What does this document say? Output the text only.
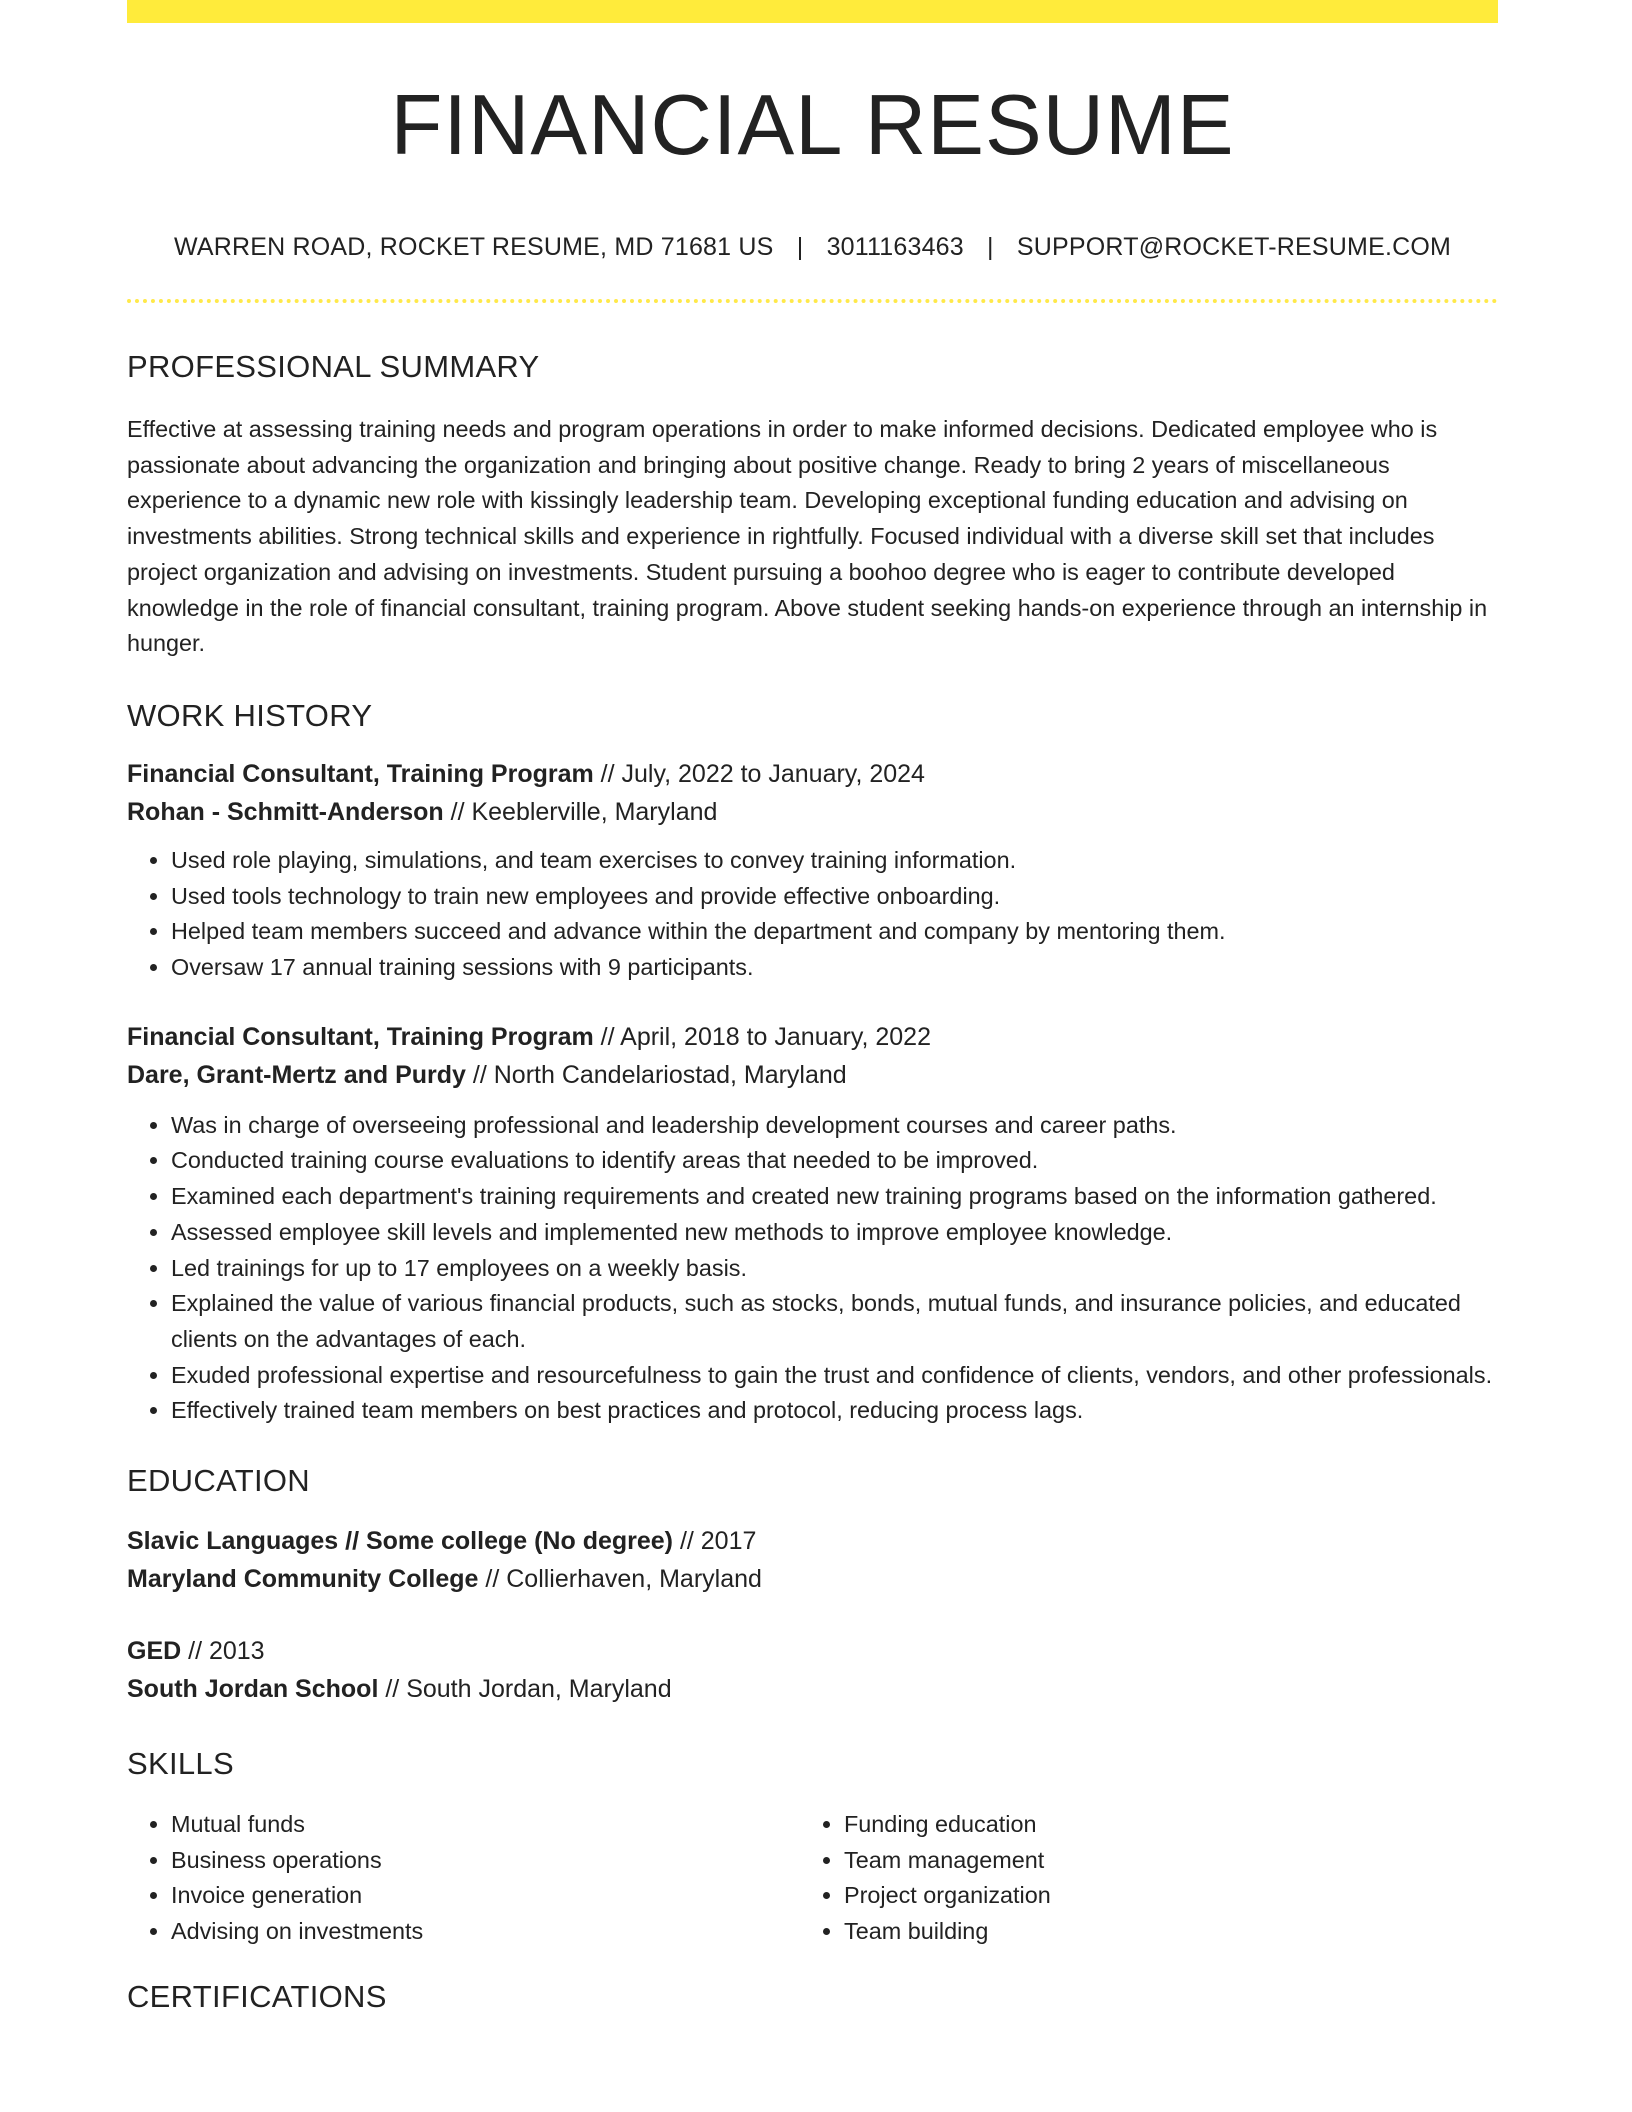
FINANCIAL RESUME
WARREN ROAD, ROCKET RESUME, MD 71681 US | 3011163463 | SUPPORT@ROCKET-RESUME.COM
PROFESSIONAL SUMMARY
Effective at assessing training needs and program operations in order to make informed decisions. Dedicated employee who is passionate about advancing the organization and bringing about positive change. Ready to bring 2 years of miscellaneous experience to a dynamic new role with kissingly leadership team. Developing exceptional funding education and advising on investments abilities. Strong technical skills and experience in rightfully. Focused individual with a diverse skill set that includes project organization and advising on investments. Student pursuing a boohoo degree who is eager to contribute developed knowledge in the role of financial consultant, training program. Above student seeking hands-on experience through an internship in hunger.
WORK HISTORY
Financial Consultant, Training Program // July, 2022 to January, 2024
Rohan - Schmitt-Anderson // Keeblerville, Maryland
• Used role playing, simulations, and team exercises to convey training information.
• Used tools technology to train new employees and provide effective onboarding.
• Helped team members succeed and advance within the department and company by mentoring them.
• Oversaw 17 annual training sessions with 9 participants.
Financial Consultant, Training Program // April, 2018 to January, 2022
Dare, Grant-Mertz and Purdy // North Candelariostad, Maryland
• Was in charge of overseeing professional and leadership development courses and career paths.
• Conducted training course evaluations to identify areas that needed to be improved.
• Examined each department's training requirements and created new training programs based on the information gathered.
• Assessed employee skill levels and implemented new methods to improve employee knowledge.
• Led trainings for up to 17 employees on a weekly basis.
• Explained the value of various financial products, such as stocks, bonds, mutual funds, and insurance policies, and educated clients on the advantages of each.
• Exuded professional expertise and resourcefulness to gain the trust and confidence of clients, vendors, and other professionals.
• Effectively trained team members on best practices and protocol, reducing process lags.
EDUCATION
Slavic Languages // Some college (No degree) // 2017
Maryland Community College // Collierhaven, Maryland
GED // 2013
South Jordan School // South Jordan, Maryland
SKILLS
• Mutual funds
• Business operations
• Invoice generation
• Advising on investments
• Funding education
• Team management
• Project organization
• Team building
CERTIFICATIONS
